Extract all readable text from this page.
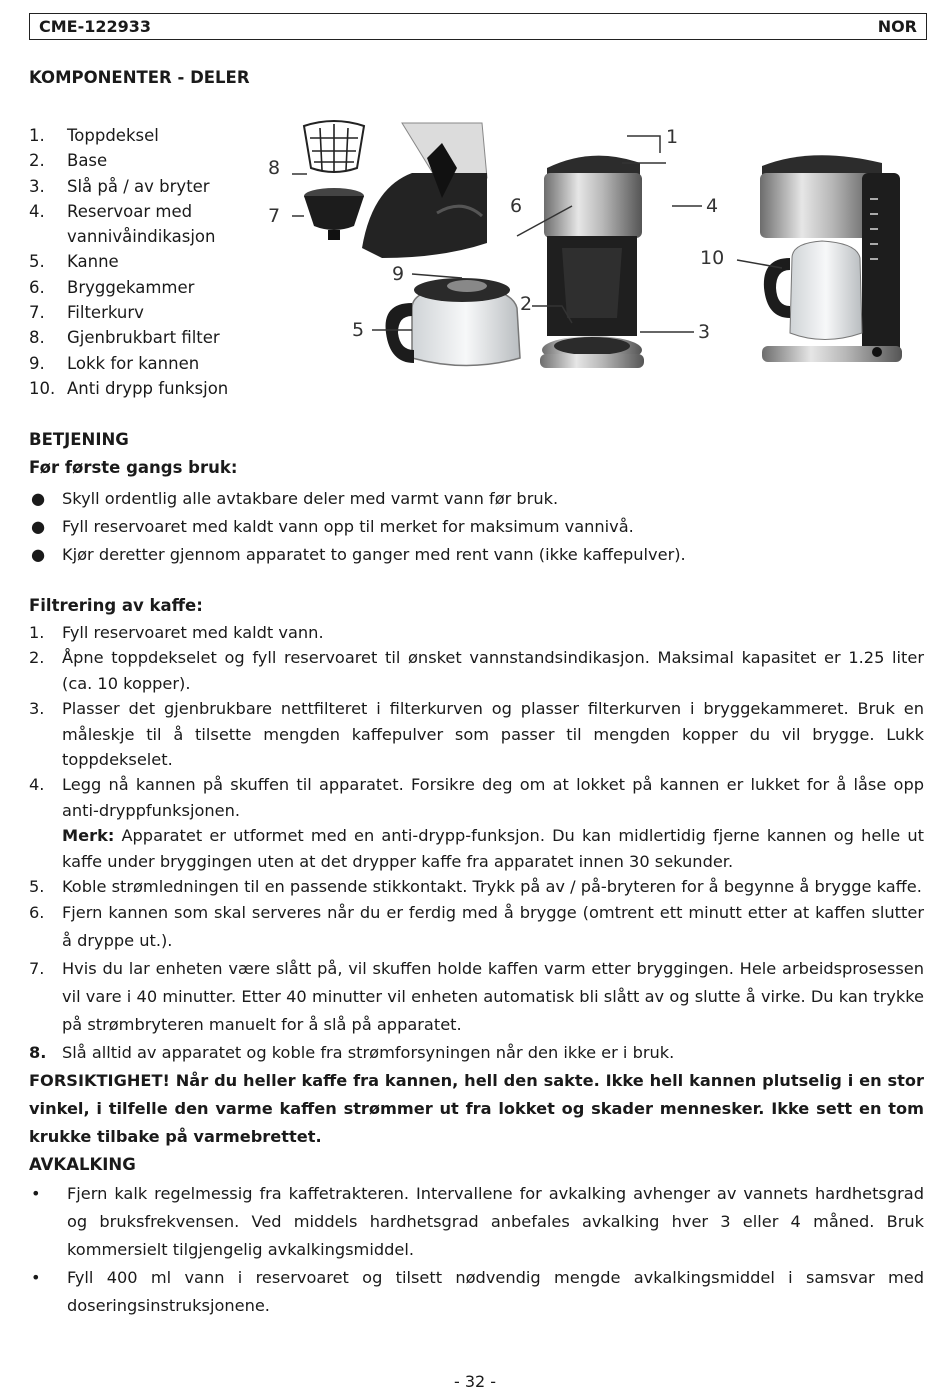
CME-122933	NOR
KOMPONENTER - DELER
1.	Toppdeksel
2.	Base
3.	Slå på / av bryter
4.	Reservoar med vannivåindikasjon
5.	Kanne
6.	Bryggekammer
7.	Filterkurv
8.	Gjenbrukbart filter
9.	Lokk for kannen
10. Anti drypp funksjon
1
2
3
4
5
6
7
8
9
10
BETJENING
Før første gangs bruk:
●	Skyll ordentlig alle avtakbare deler med varmt vann før bruk.
●	Fyll reservoaret med kaldt vann opp til merket for maksimum vannivå.
●	Kjør deretter gjennom apparatet to ganger med rent vann (ikke kaffepulver).
Filtrering av kaffe:
1.	Fyll reservoaret med kaldt vann.
2.	Åpne toppdekselet og fyll reservoaret til ønsket vannstandsindikasjon. Maksimal kapasitet er 1.25 liter (ca. 10 kopper).
3.	Plasser det gjenbrukbare nettfilteret i filterkurven og plasser filterkurven i bryggekammeret. Bruk en måleskje til å tilsette mengden kaffepulver som passer til mengden kopper du vil brygge. Lukk toppdekselet.
4.	Legg nå kannen på skuffen til apparatet. Forsikre deg om at lokket på kannen er lukket for å låse opp anti-dryppfunksjonen.
Merk: Apparatet er utformet med en anti-drypp-funksjon. Du kan midlertidig fjerne kannen og helle ut kaffe under bryggingen uten at det drypper kaffe fra apparatet innen 30 sekunder.
5.	Koble strømledningen til en passende stikkontakt. Trykk på av / på-bryteren for å begynne å brygge kaffe.
6.	Fjern kannen som skal serveres når du er ferdig med å brygge (omtrent ett minutt etter at kaffen slutter å dryppe ut.).
7.	Hvis du lar enheten være slått på, vil skuffen holde kaffen varm etter bryggingen. Hele arbeidsprosessen vil vare i 40 minutter. Etter 40 minutter vil enheten automatisk bli slått av og slutte å virke. Du kan trykke på strømbryteren manuelt for å slå på apparatet.
8. Slå alltid av apparatet og koble fra strømforsyningen når den ikke er i bruk.
FORSIKTIGHET! Når du heller kaffe fra kannen, hell den sakte. Ikke hell kannen plutselig i en stor vinkel, i tilfelle den varme kaffen strømmer ut fra lokket og skader mennesker. Ikke sett en tom krukke tilbake på varmebrettet.
AVKALKING
•	Fjern kalk regelmessig fra kaffetrakteren. Intervallene for avkalking avhenger av vannets hardhetsgrad og bruksfrekvensen. Ved middels hardhetsgrad anbefales avkalking hver 3 eller 4 måned. Bruk kommersielt tilgjengelig avkalkingsmiddel.
•	Fyll 400 ml vann i reservoaret og tilsett nødvendig mengde avkalkingsmiddel i samsvar med doseringsinstruksjonene.
- 32 -
